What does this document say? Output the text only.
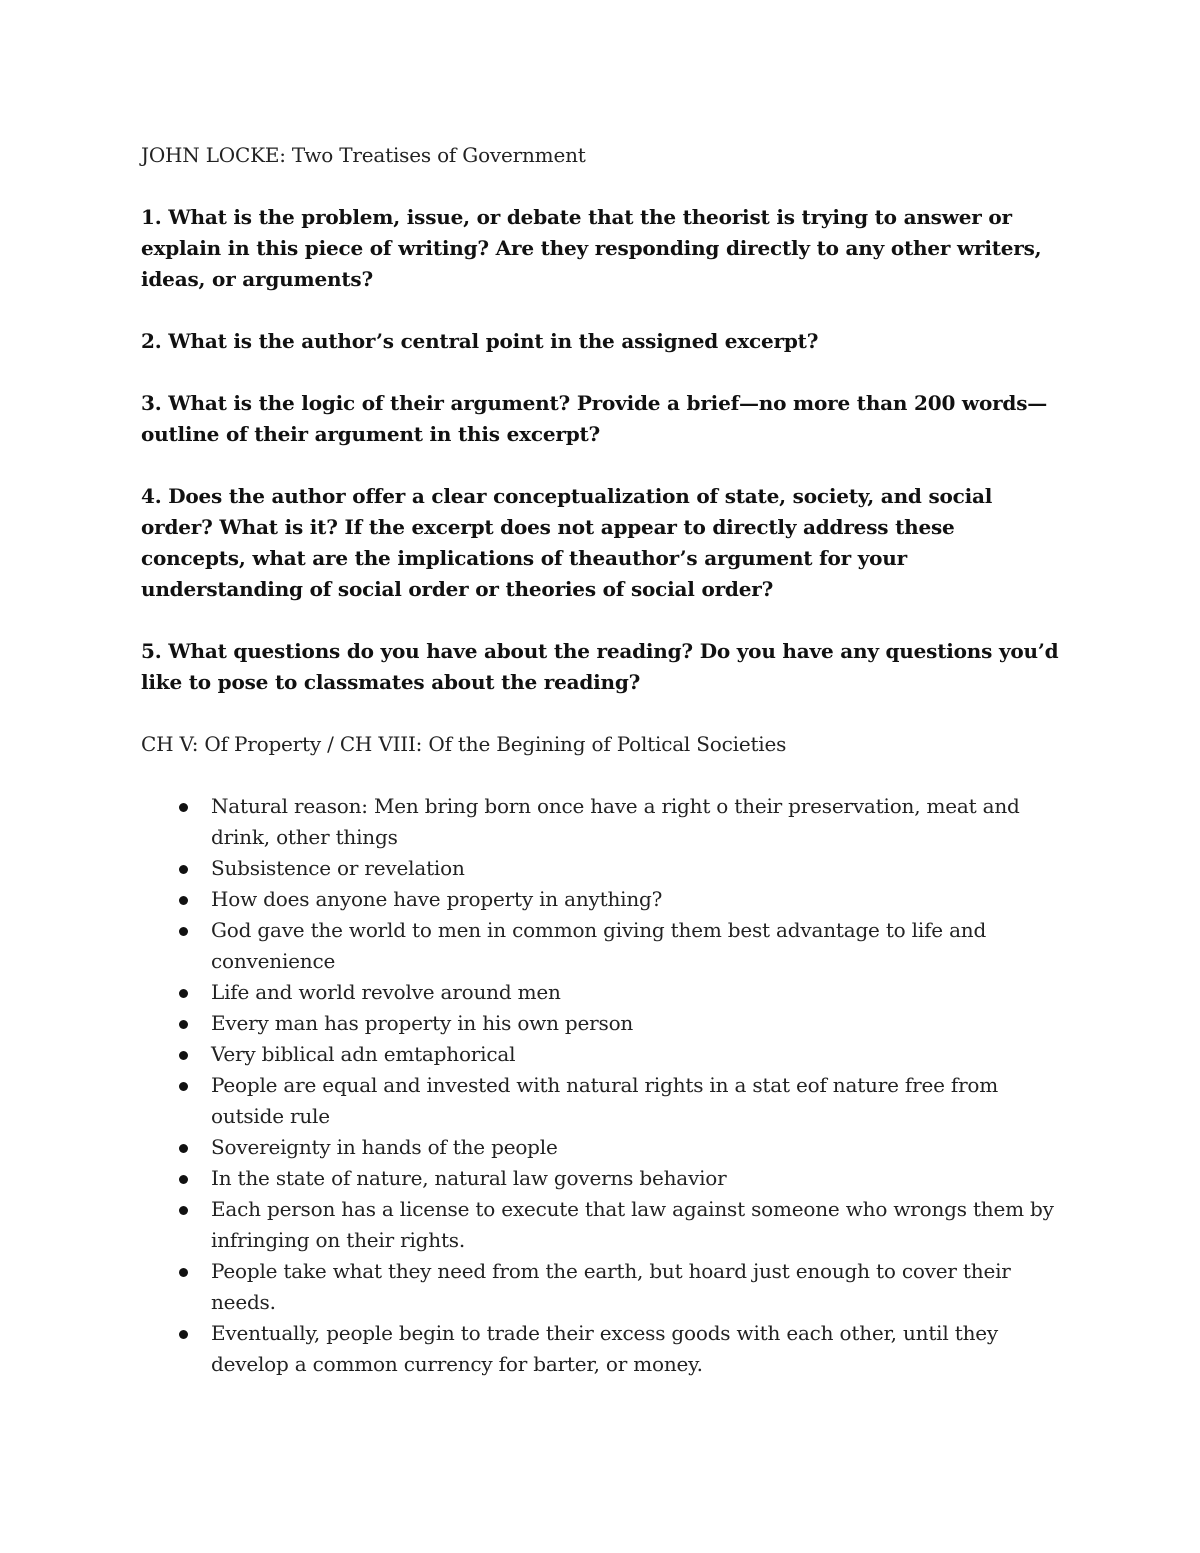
JOHN LOCKE: Two Treatises of Government

1. What is the problem, issue, or debate that the theorist is trying to answer or explain in this piece of writing? Are they responding directly to any other writers, ideas, or arguments?

2. What is the author’s central point in the assigned excerpt?

3. What is the logic of their argument? Provide a brief—no more than 200 words—outline of their argument in this excerpt?

4. Does the author offer a clear conceptualization of state, society, and social order? What is it? If the excerpt does not appear to directly address these concepts, what are the implications of theauthor’s argument for your understanding of social order or theories of social order?

5. What questions do you have about the reading? Do you have any questions you’d like to pose to classmates about the reading?

CH V: Of Property / CH VIII: Of the Begining of Poltical Societies

Natural reason: Men bring born once have a right o their preservation, meat and drink, other things
Subsistence or revelation
How does anyone have property in anything?
God gave the world to men in common giving them best advantage to life and convenience
Life and world revolve around men
Every man has property in his own person
Very biblical adn emtaphorical
People are equal and invested with natural rights in a stat eof nature free from outside rule
Sovereignty in hands of the people
In the state of nature, natural law governs behavior
Each person has a license to execute that law against someone who wrongs them by infringing on their rights.
People take what they need from the earth, but hoard just enough to cover their needs.
Eventually, people begin to trade their excess goods with each other, until they develop a common currency for barter, or money.
